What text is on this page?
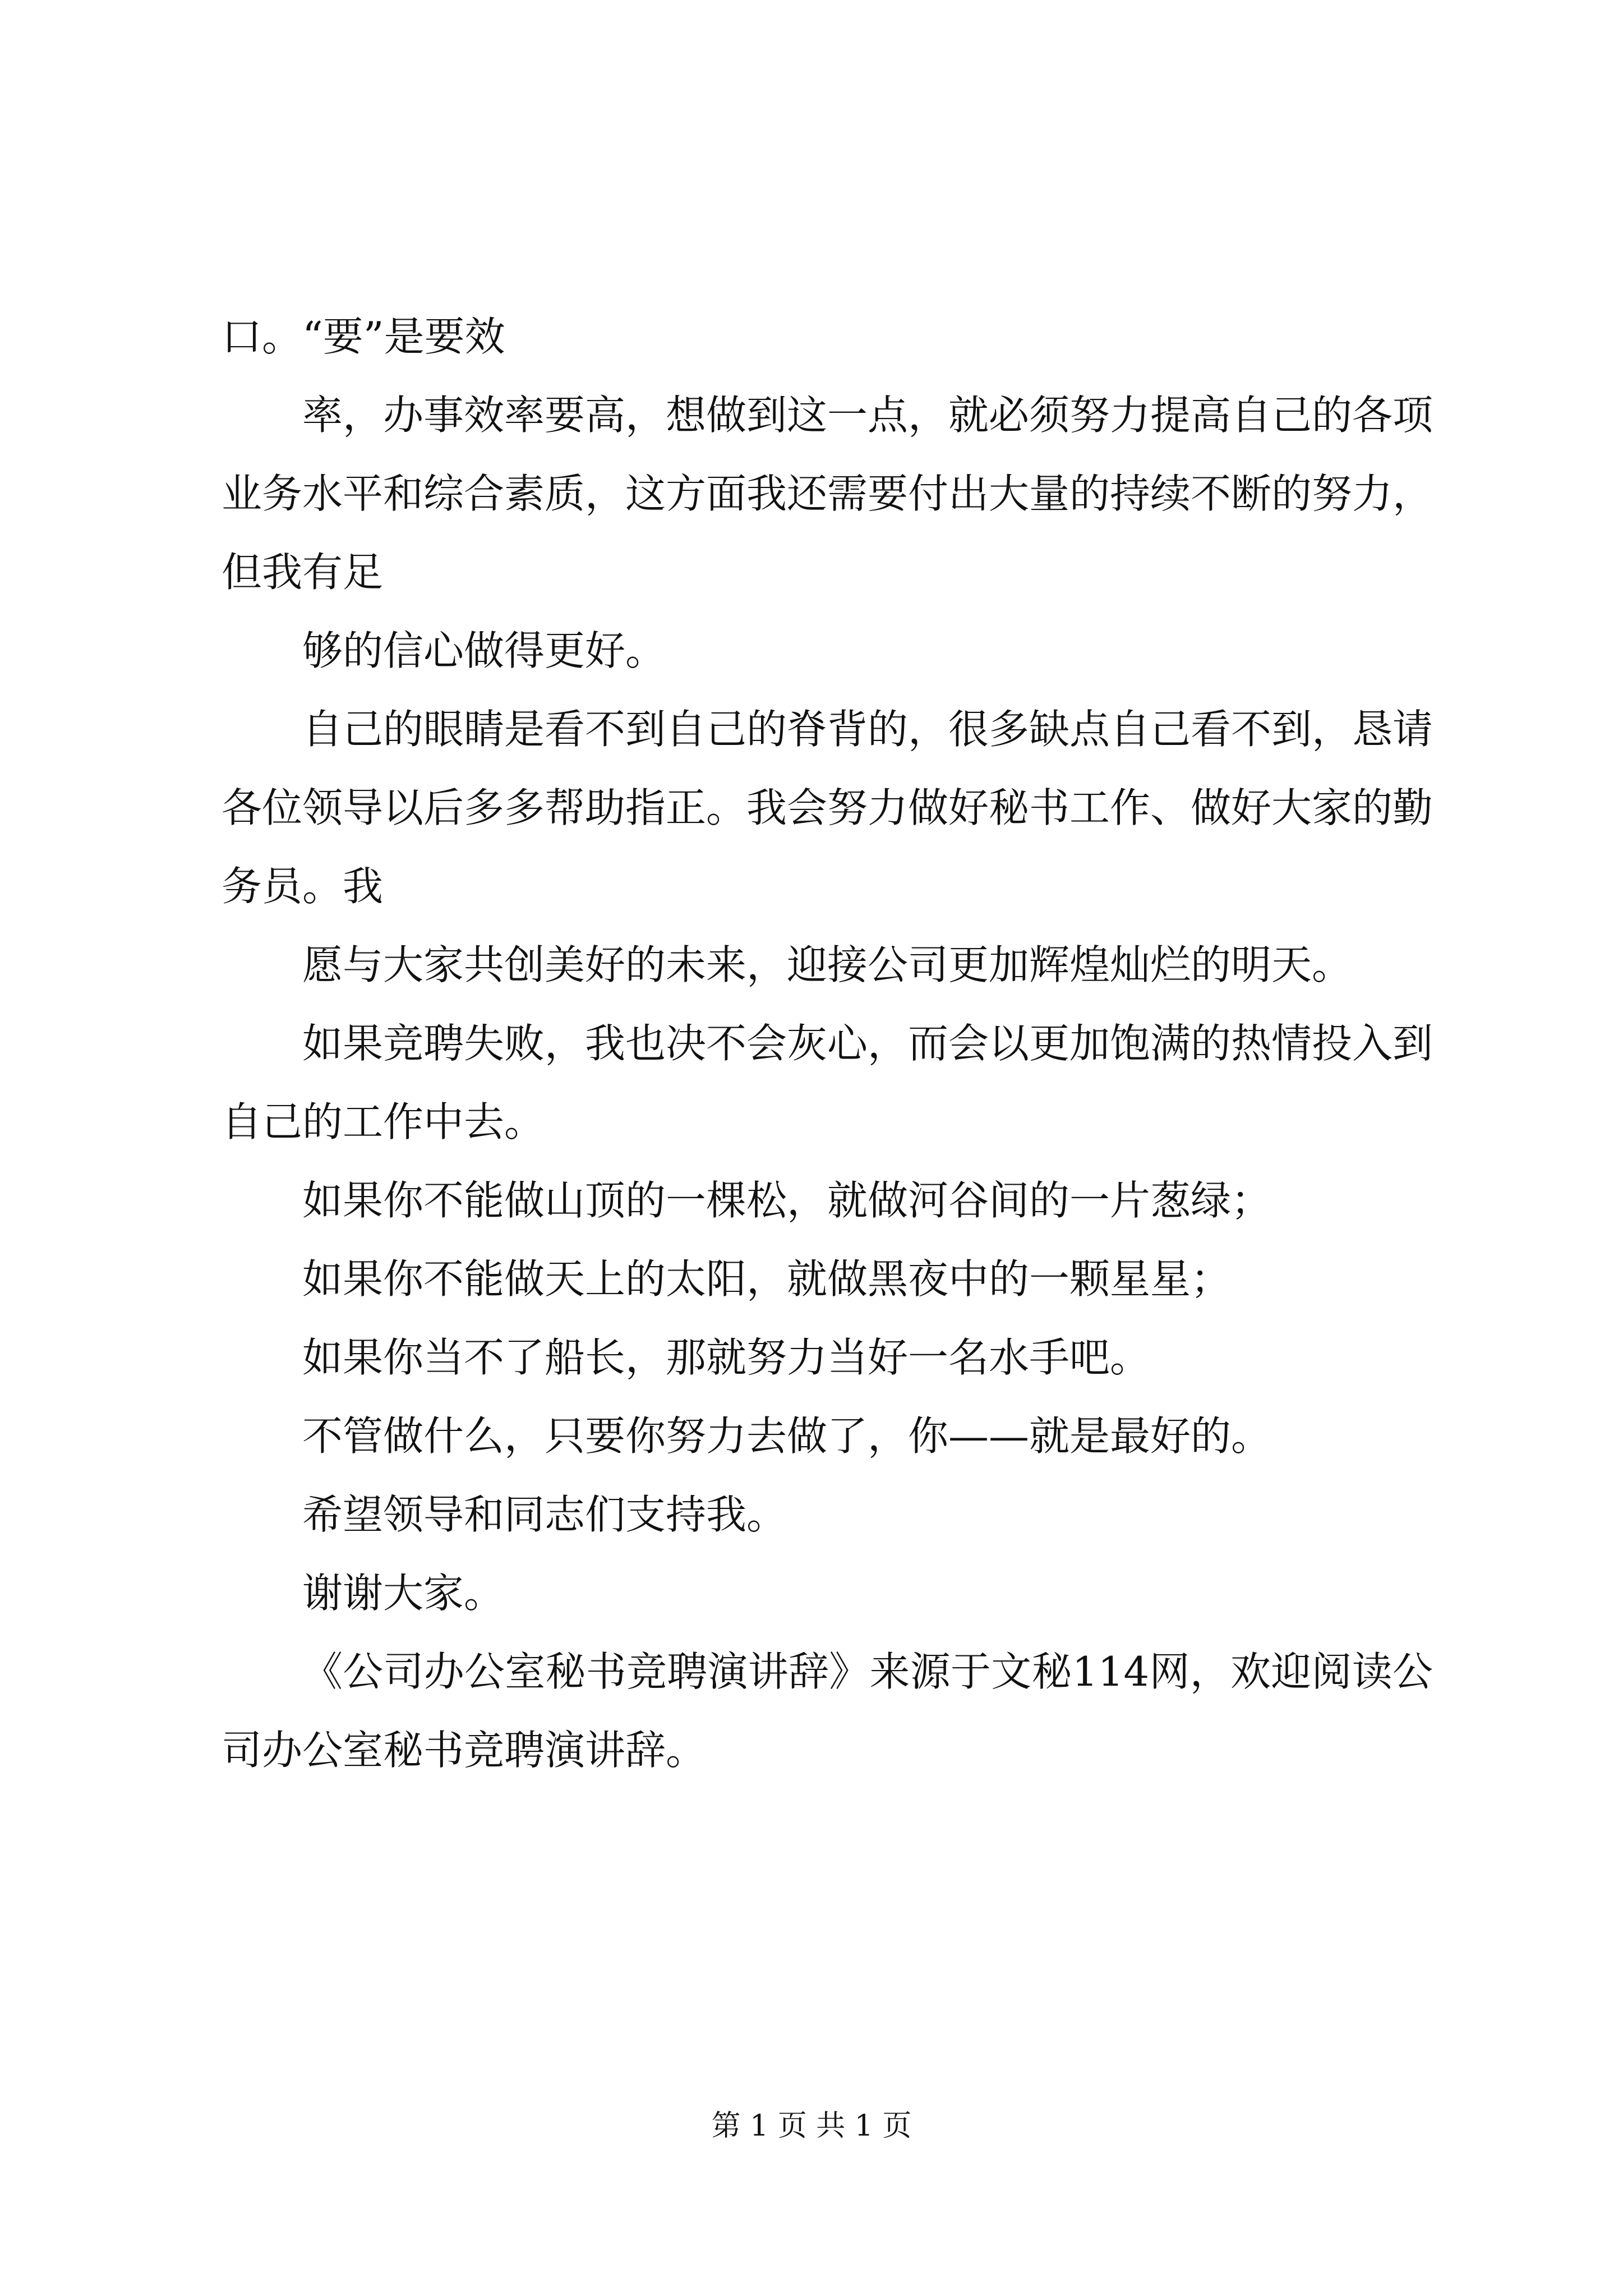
口。“要”是要效

率，办事效率要高，想做到这一点，就必须努力提高自己的各项业务水平和综合素质，这方面我还需要付出大量的持续不断的努力，但我有足

够的信心做得更好。

自己的眼睛是看不到自己的脊背的，很多缺点自己看不到，恳请各位领导以后多多帮助指正。我会努力做好秘书工作、做好大家的勤务员。我

愿与大家共创美好的未来，迎接公司更加辉煌灿烂的明天。

如果竞聘失败，我也决不会灰心，而会以更加饱满的热情投入到自己的工作中去。

如果你不能做山顶的一棵松，就做河谷间的一片葱绿；

如果你不能做天上的太阳，就做黑夜中的一颗星星；

如果你当不了船长，那就努力当好一名水手吧。

不管做什么，只要你努力去做了，你——就是最好的。

希望领导和同志们支持我。

谢谢大家。

《公司办公室秘书竞聘演讲辞》来源于文秘114网，欢迎阅读公司办公室秘书竞聘演讲辞。

第 1 页 共 1 页
